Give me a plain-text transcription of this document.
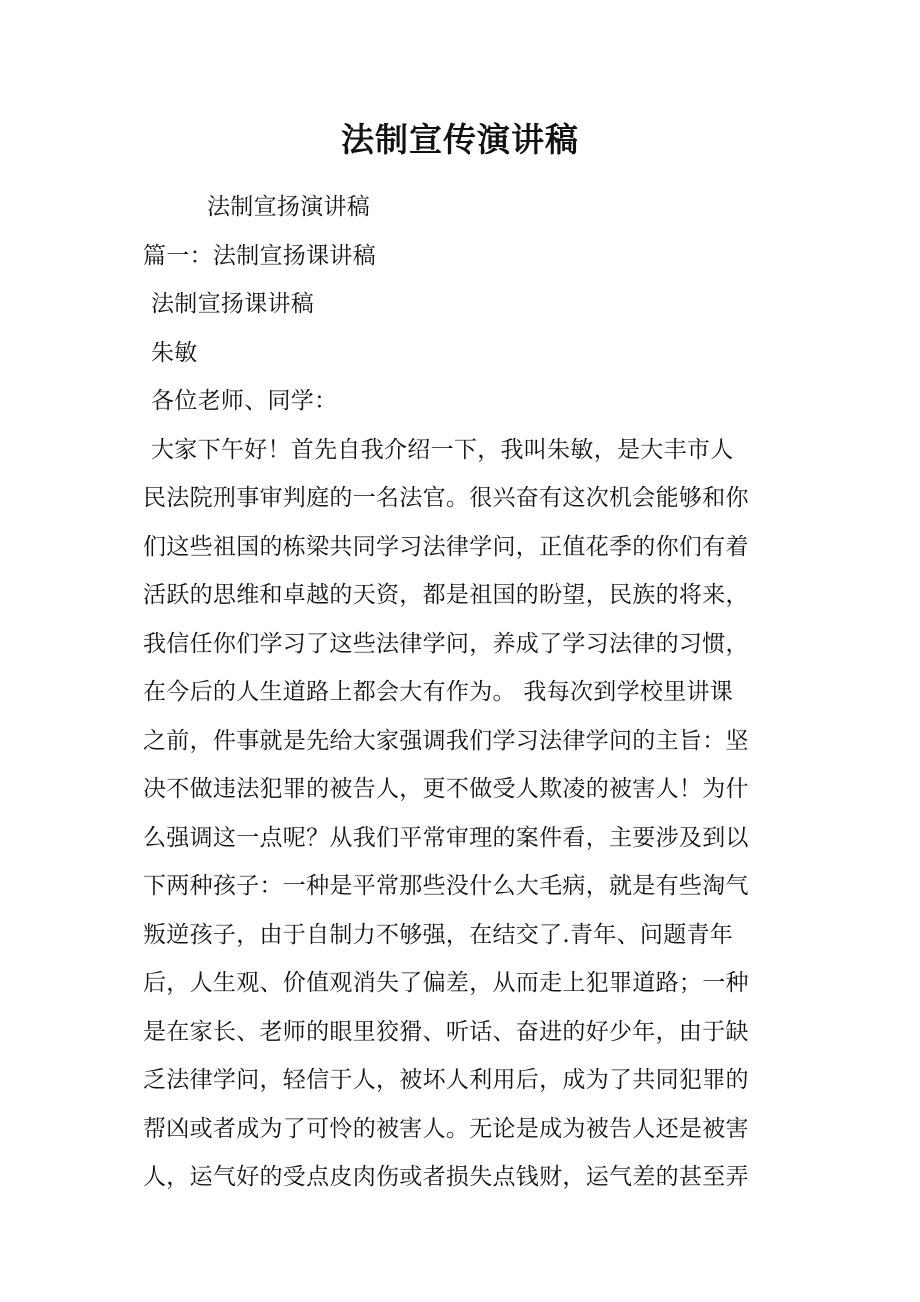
法制宣传演讲稿
法制宣扬演讲稿
篇一：法制宣扬课讲稿
法制宣扬课讲稿
朱敏
各位老师、同学：
大家下午好！首先自我介绍一下，我叫朱敏，是大丰市人
民法院刑事审判庭的一名法官。很兴奋有这次机会能够和你
们这些祖国的栋梁共同学习法律学问，正值花季的你们有着
活跃的思维和卓越的天资，都是祖国的盼望，民族的将来，
我信任你们学习了这些法律学问，养成了学习法律的习惯，
在今后的人生道路上都会大有作为。 我每次到学校里讲课
之前，件事就是先给大家强调我们学习法律学问的主旨：坚
决不做违法犯罪的被告人，更不做受人欺凌的被害人！为什
么强调这一点呢？从我们平常审理的案件看，主要涉及到以
下两种孩子：一种是平常那些没什么大毛病，就是有些淘气
叛逆孩子，由于自制力不够强，在结交了.青年、问题青年
后，人生观、价值观消失了偏差，从而走上犯罪道路；一种
是在家长、老师的眼里狡猾、听话、奋进的好少年，由于缺
乏法律学问，轻信于人，被坏人利用后，成为了共同犯罪的
帮凶或者成为了可怜的被害人。无论是成为被告人还是被害
人，运气好的受点皮肉伤或者损失点钱财，运气差的甚至弄
